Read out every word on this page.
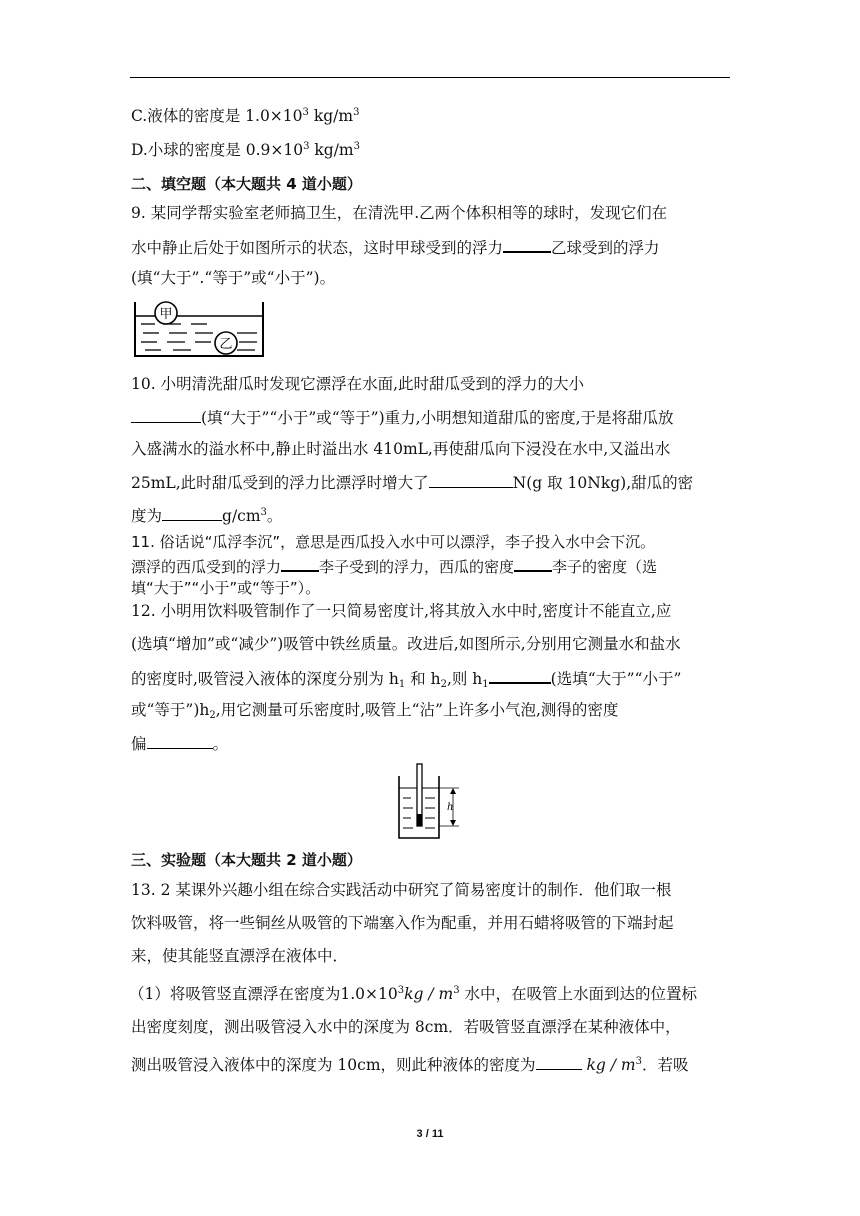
C.液体的密度是 $1.0\times 10^3$ $kg/m^3$
D.小球的密度是 $0.9\times 10^3$ $kg/m^3$
二、填空题（本大题共 4 道小题）
9. 某同学帮实验室老师搞卫生，在清洗甲.乙两个体积相等的球时，发现它们在
水中静止后处于如图所示的状态，这时甲球受到的浮力	乙球受到的浮力
(填“大于”.“等于”或“小于”)。
甲
乙
10. 小明清洗甜瓜时发现它漂浮在水面,此时甜瓜受到的浮力的大小
(填“大于”“小于”或“等于”)重力,小明想知道甜瓜的密度,于是将甜瓜放
入盛满水的溢水杯中,静止时溢出水 410mL,再使甜瓜向下浸没在水中,又溢出水
25mL,此时甜瓜受到的浮力比漂浮时增大了	N(g 取 10Nkg),甜瓜的密
度为	$g/cm^3$。
11. 俗话说“瓜浮李沉”，意思是西瓜投入水中可以漂浮，李子投入水中会下沉。
漂浮的西瓜受到的浮力	李子受到的浮力，西瓜的密度	李子的密度（选
填“大于”“小于”或“等于”）。
12. 小明用饮料吸管制作了一只简易密度计,将其放入水中时,密度计不能直立,应
(选填“增加”或“减少”)吸管中铁丝质量。改进后,如图所示,分别用它测量水和盐水
的密度时,吸管浸入液体的深度分别为 $h_1$ 和 $h_2$,则 $h_1$	(选填“大于”“小于”
或“等于$”)h_2$,用它测量可乐密度时,吸管上“沾”上许多小气泡,测得的密度
偏	。
h
三、实验题（本大题共 2 道小题）
13. 2 某课外兴趣小组在综合实践活动中研究了简易密度计的制作．他们取一根
饮料吸管，将一些铜丝从吸管的下端塞入作为配重，并用石蜡将吸管的下端封起
来，使其能竖直漂浮在液体中．
（1）将吸管竖直漂浮在密度为$1.0\times 10^3kg / m^3$ 水中，在吸管上水面到达的位置标
出密度刻度，测出吸管浸入水中的深度为 8cm．若吸管竖直漂浮在某种液体中，
测出吸管浸入液体中的深度为 10cm，则此种液体的密度为	kg / $m^3$．若吸
3 / 11
